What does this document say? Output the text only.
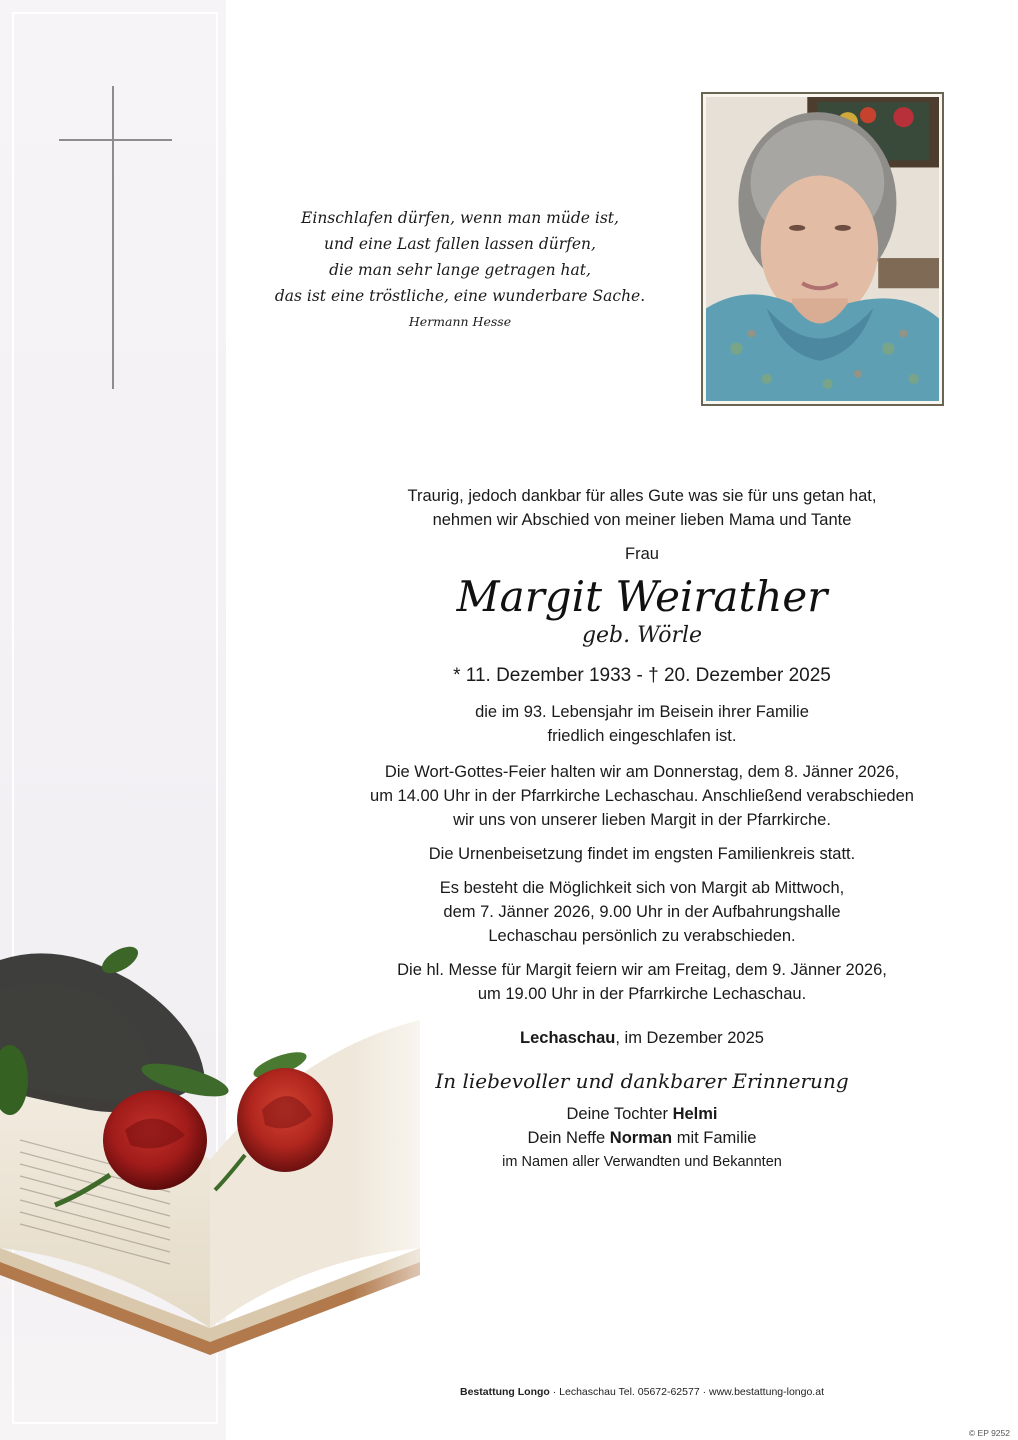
Einschlafen dürfen, wenn man müde ist,
und eine Last fallen lassen dürfen,
die man sehr lange getragen hat,
das ist eine tröstliche, eine wunderbare Sache.
Hermann Hesse

Traurig, jedoch dankbar für alles Gute was sie für uns getan hat,

nehmen wir Abschied von meiner lieben Mama und Tante

Frau

Margit Weirather

geb. Wörle

* 11. Dezember 1933 - † 20. Dezember 2025

die im 93. Lebensjahr im Beisein ihrer Familie

friedlich eingeschlafen ist.

Die Wort-Gottes-Feier halten wir am Donnerstag, dem 8. Jänner 2026,

um 14.00 Uhr in der Pfarrkirche Lechaschau. Anschließend verabschieden

wir uns von unserer lieben Margit in der Pfarrkirche.

Die Urnenbeisetzung findet im engsten Familienkreis statt.

Es besteht die Möglichkeit sich von Margit ab Mittwoch,

dem 7. Jänner 2026, 9.00 Uhr in der Aufbahrungshalle

Lechaschau persönlich zu verabschieden.

Die hl. Messe für Margit feiern wir am Freitag, dem 9. Jänner 2026,

um 19.00 Uhr in der Pfarrkirche Lechaschau.

Lechaschau, im Dezember 2025

In liebevoller und dankbarer Erinnerung

Deine Tochter Helmi

Dein Neffe Norman mit Familie

im Namen aller Verwandten und Bekannten

Bestattung Longo · Lechaschau Tel. 05672-62577 · www.bestattung-longo.at
© EP 9252
